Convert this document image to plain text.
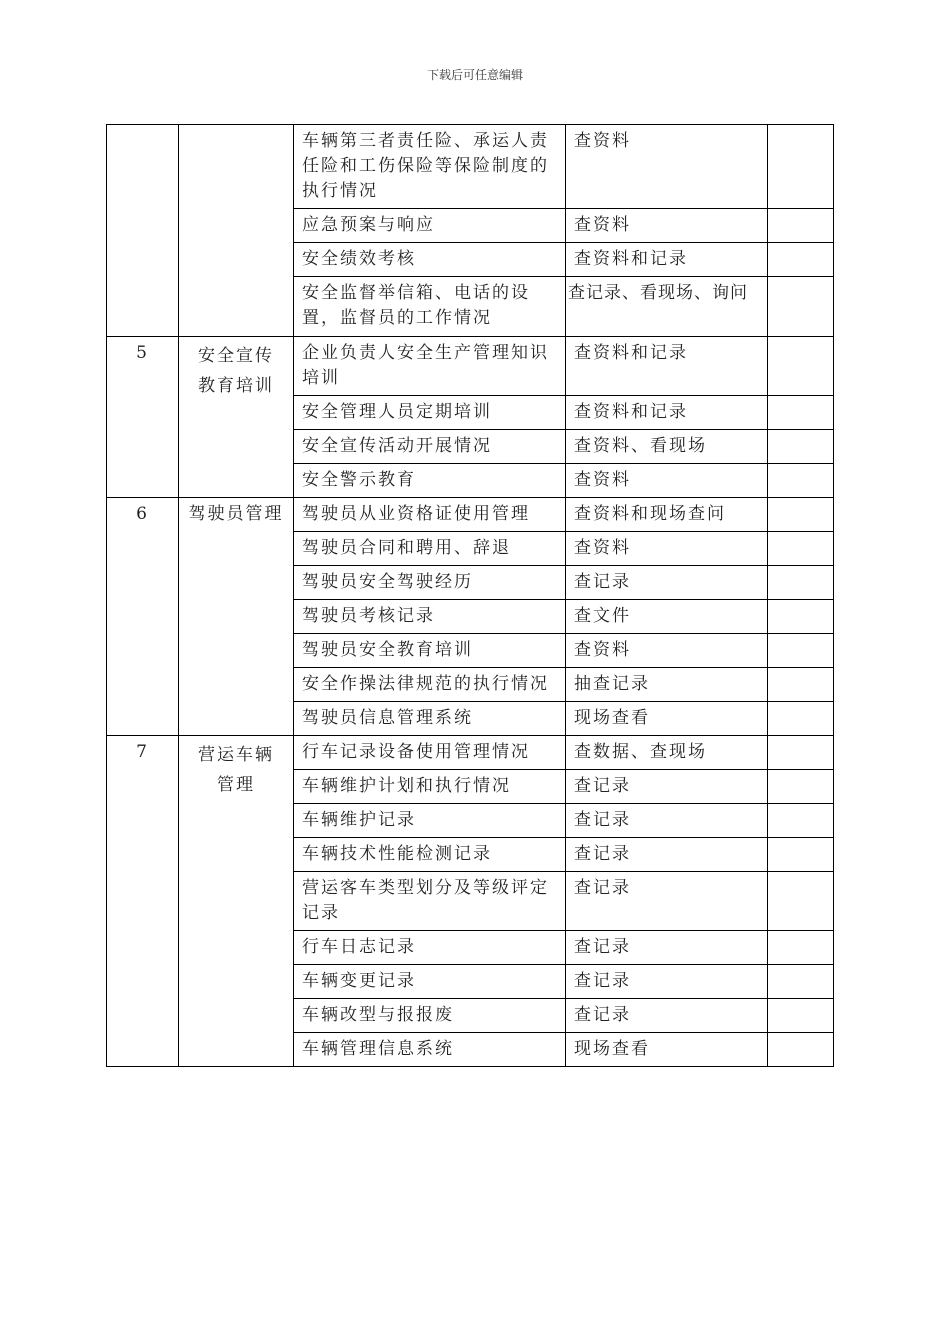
下载后可任意编辑
		车辆第三者责任险、承运人责任险和工伤保险等保险制度的执行情况	查资料	
		应急预案与响应	查资料	
		安全绩效考核	查资料和记录	
		安全监督举信箱、电话的设置，监督员的工作情况	查记录、看现场、询问	
5	安全宣传教育培训	企业负责人安全生产管理知识培训	查资料和记录	
		安全管理人员定期培训	查资料和记录	
		安全宣传活动开展情况	查资料、看现场	
		安全警示教育	查资料	
6	驾驶员管理	驾驶员从业资格证使用管理	查资料和现场查问	
		驾驶员合同和聘用、辞退	查资料	
		驾驶员安全驾驶经历	查记录	
		驾驶员考核记录	查文件	
		驾驶员安全教育培训	查资料	
		安全作操法律规范的执行情况	抽查记录	
		驾驶员信息管理系统	现场查看	
7	营运车辆管理	行车记录设备使用管理情况	查数据、查现场	
		车辆维护计划和执行情况	查记录	
		车辆维护记录	查记录	
		车辆技术性能检测记录	查记录	
		营运客车类型划分及等级评定记录	查记录	
		行车日志记录	查记录	
		车辆变更记录	查记录	
		车辆改型与报报废	查记录	
		车辆管理信息系统	现场查看	
